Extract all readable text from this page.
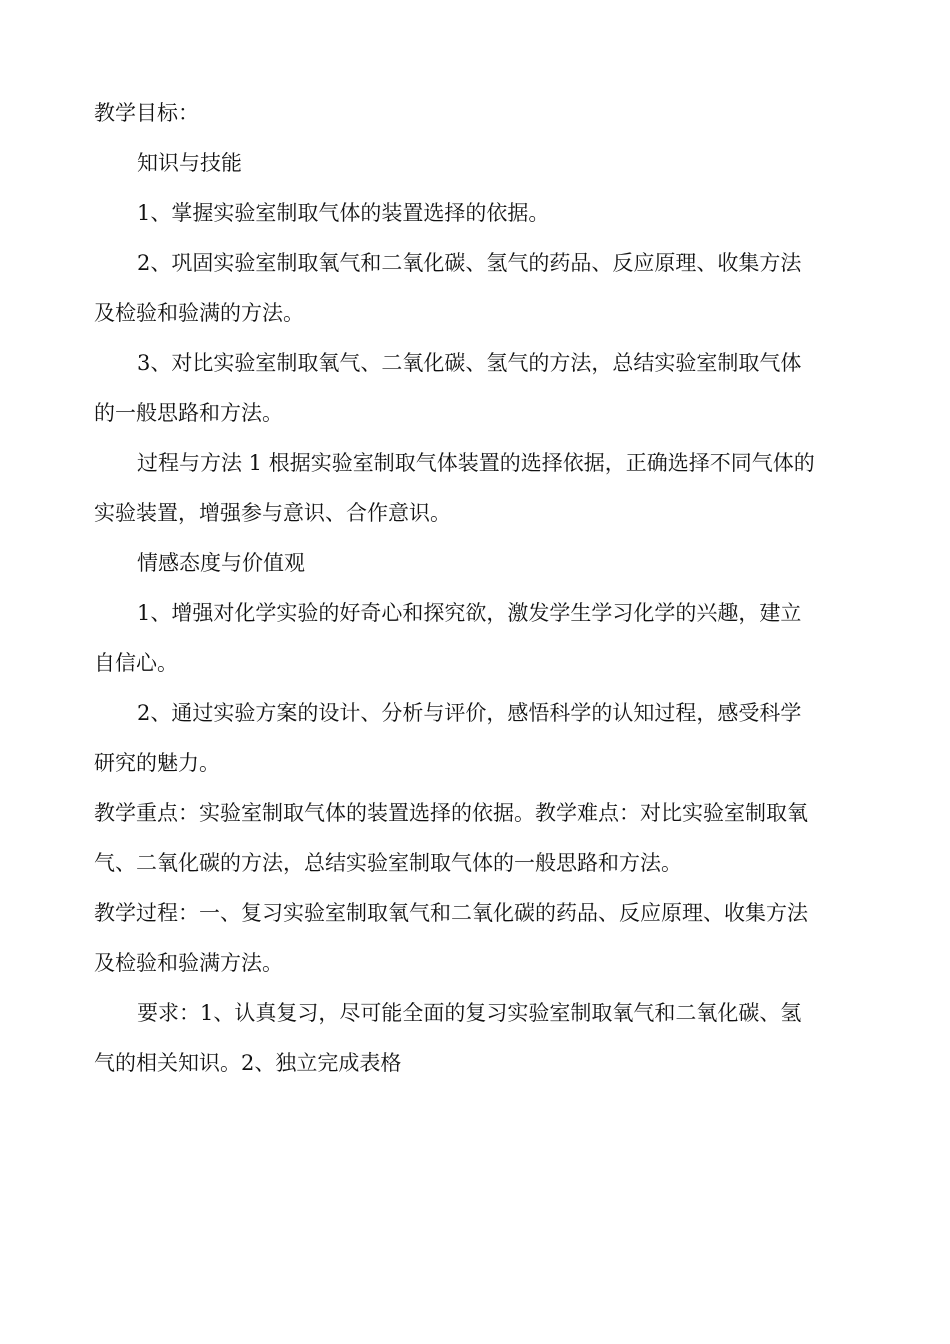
教学目标：
知识与技能
1、掌握实验室制取气体的装置选择的依据。
2、巩固实验室制取氧气和二氧化碳、氢气的药品、反应原理、收集方法
及检验和验满的方法。
3、对比实验室制取氧气、二氧化碳、氢气的方法，总结实验室制取气体
的一般思路和方法。
过程与方法 1 根据实验室制取气体装置的选择依据，正确选择不同气体的
实验装置，增强参与意识、合作意识。
情感态度与价值观
1、增强对化学实验的好奇心和探究欲，激发学生学习化学的兴趣，建立
自信心。
2、通过实验方案的设计、分析与评价，感悟科学的认知过程，感受科学
研究的魅力。
教学重点：实验室制取气体的装置选择的依据。教学难点：对比实验室制取氧
气、二氧化碳的方法，总结实验室制取气体的一般思路和方法。
教学过程：一、复习实验室制取氧气和二氧化碳的药品、反应原理、收集方法
及检验和验满方法。
要求：1、认真复习，尽可能全面的复习实验室制取氧气和二氧化碳、氢
气的相关知识。2、独立完成表格
